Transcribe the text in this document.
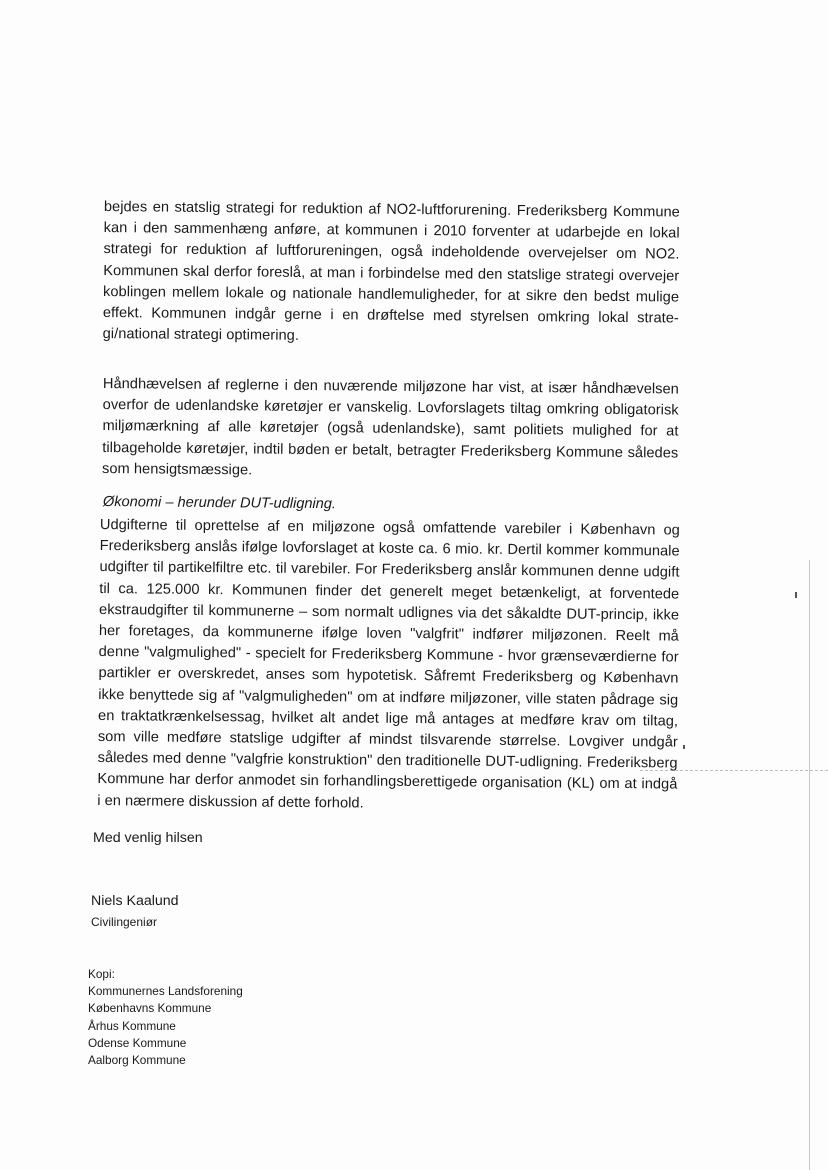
bejdes en statslig strategi for reduktion af NO2-luftforurening. Frederiksberg Kommune kan i den sammenhæng anføre, at kommunen i 2010 forventer at udarbejde en lokal strategi for reduktion af luftforureningen, også indeholdende overvejelser om NO2. Kommunen skal derfor foreslå, at man i forbindelse med den statslige strategi overvejer koblingen mellem lokale og nationale handlemuligheder, for at sikre den bedst mulige effekt. Kommunen indgår gerne i en drøftelse med styrelsen omkring lokal strate-gi/national strategi optimering.

Håndhævelsen af reglerne i den nuværende miljøzone har vist, at især håndhævelsen overfor de udenlandske køretøjer er vanskelig. Lovforslagets tiltag omkring obligatorisk miljømærkning af alle køretøjer (også udenlandske), samt politiets mulighed for at tilbageholde køretøjer, indtil bøden er betalt, betragter Frederiksberg Kommune således som hensigtsmæssige.

Økonomi – herunder DUT-udligning.

Udgifterne til oprettelse af en miljøzone også omfattende varebiler i København og Frederiksberg anslås ifølge lovforslaget at koste ca. 6 mio. kr. Dertil kommer kommunale udgifter til partikelfiltre etc. til varebiler. For Frederiksberg anslår kommunen denne udgift til ca. 125.000 kr. Kommunen finder det generelt meget betænkeligt, at forventede ekstraudgifter til kommunerne – som normalt udlignes via det såkaldte DUT-princip, ikke her foretages, da kommunerne ifølge loven "valgfrit" indfører miljøzonen. Reelt må denne "valgmulighed" - specielt for Frederiksberg Kommune - hvor grænseværdierne for partikler er overskredet, anses som hypotetisk. Såfremt Frederiksberg og København ikke benyttede sig af "valgmuligheden" om at indføre miljøzoner, ville staten pådrage sig en traktatkrænkelsessag, hvilket alt andet lige må antages at medføre krav om tiltag, som ville medføre statslige udgifter af mindst tilsvarende størrelse. Lovgiver undgår således med denne "valgfrie konstruktion" den traditionelle DUT-udligning. Frederiksberg Kommune har derfor anmodet sin forhandlingsberettigede organisation (KL) om at indgå i en nærmere diskussion af dette forhold.

Med venlig hilsen

Niels Kaalund

Civilingeniør

Kopi:
Kommunernes Landsforening
Københavns Kommune
Århus Kommune
Odense Kommune
Aalborg Kommune
